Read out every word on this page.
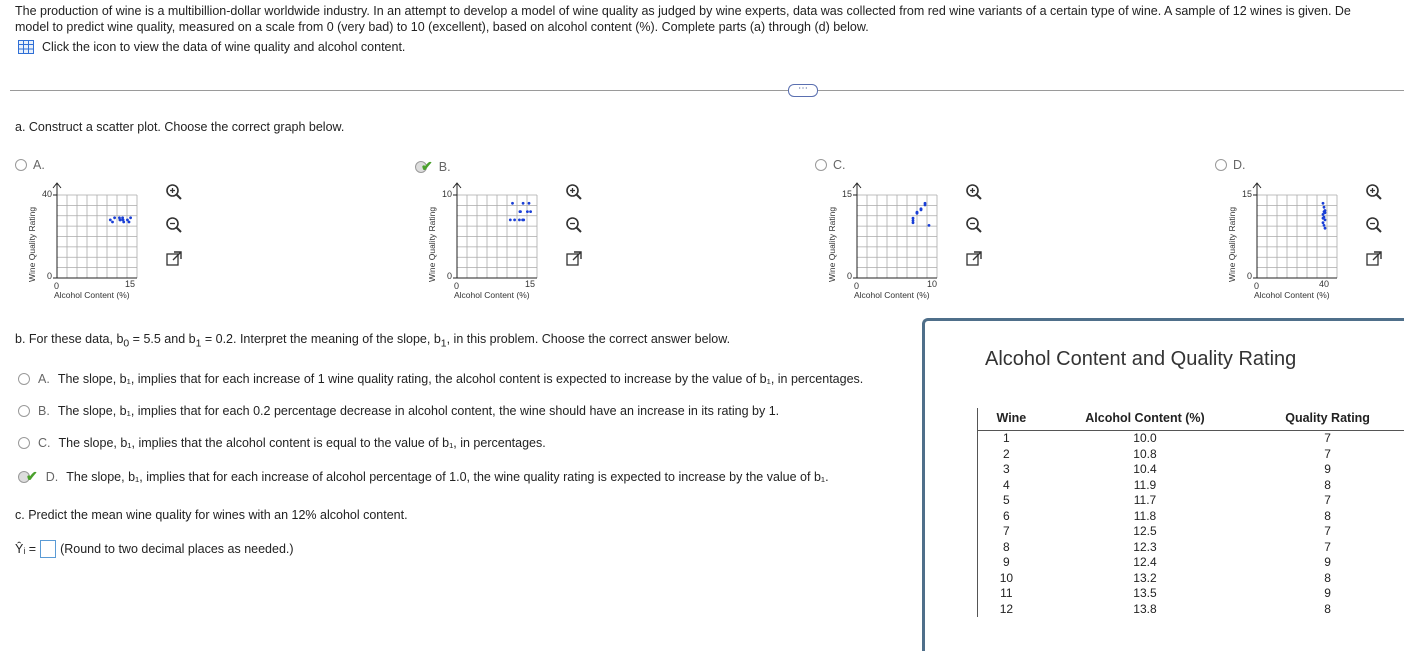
The production of wine is a multibillion-dollar worldwide industry. In an attempt to develop a model of wine quality as judged by wine experts, data was collected from red wine variants of a certain type of wine. A sample of 12 wines is given. De
model to predict wine quality, measured on a scale from 0 (very bad) to 10 (excellent), based on alcohol content (%). Complete parts (a) through (d) below.
Click the icon to view the data of wine quality and alcohol content.
⋯
a. Construct a scatter plot. Choose the correct graph below.
A.
Wine Quality Rating
40
0
0	15
Alcohol Content (%)
✔ B.
Wine Quality Rating
10
0
0	15
Alcohol Content (%)
C.
Wine Quality Rating
15
0
0	10
Alcohol Content (%)
D.
Wine Quality Rating
15
0
0	40
Alcohol Content (%)
b. For these data, $b_0 = 5.5$ and $b_1 = 0.2$. Interpret the meaning of the slope, $b_1$, in this problem. Choose the correct answer below.
A. The slope, b₁, implies that for each increase of 1 wine quality rating, the alcohol content is expected to increase by the value of b₁, in percentages.
B. The slope, b₁, implies that for each 0.2 percentage decrease in alcohol content, the wine should have an increase in its rating by 1.
C. The slope, b₁, implies that the alcohol content is equal to the value of b₁, in percentages.
✔ D. The slope, b₁, implies that for each increase of alcohol percentage of 1.0, the wine quality rating is expected to increase by the value of b₁.
c. Predict the mean wine quality for wines with an 12% alcohol content.
Ŷᵢ = (Round to two decimal places as needed.)
Alcohol Content and Quality Rating
Wine	Alcohol Content (%)	Quality Rating
1	10.0	7
2	10.8	7
3	10.4	9
4	11.9	8
5	11.7	7
6	11.8	8
7	12.5	7
8	12.3	7
9	12.4	9
10	13.2	8
11	13.5	9
12	13.8	8
